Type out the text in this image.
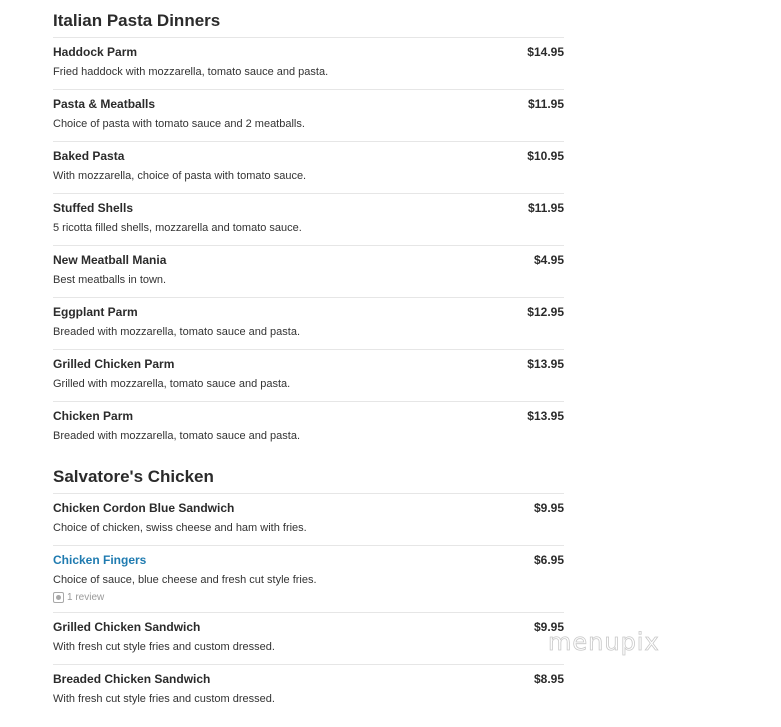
Italian Pasta Dinners
Haddock Parm
Fried haddock with mozzarella, tomato sauce and pasta.
$14.95
Pasta & Meatballs
Choice of pasta with tomato sauce and 2 meatballs.
$11.95
Baked Pasta
With mozzarella, choice of pasta with tomato sauce.
$10.95
Stuffed Shells
5 ricotta filled shells, mozzarella and tomato sauce.
$11.95
New Meatball Mania
Best meatballs in town.
$4.95
Eggplant Parm
Breaded with mozzarella, tomato sauce and pasta.
$12.95
Grilled Chicken Parm
Grilled with mozzarella, tomato sauce and pasta.
$13.95
Chicken Parm
Breaded with mozzarella, tomato sauce and pasta.
$13.95
Salvatore's Chicken
Chicken Cordon Blue Sandwich
Choice of chicken, swiss cheese and ham with fries.
$9.95
Chicken Fingers
Choice of sauce, blue cheese and fresh cut style fries.
1 review
$6.95
Grilled Chicken Sandwich
With fresh cut style fries and custom dressed.
$9.95
Breaded Chicken Sandwich
With fresh cut style fries and custom dressed.
$8.95
menupix
